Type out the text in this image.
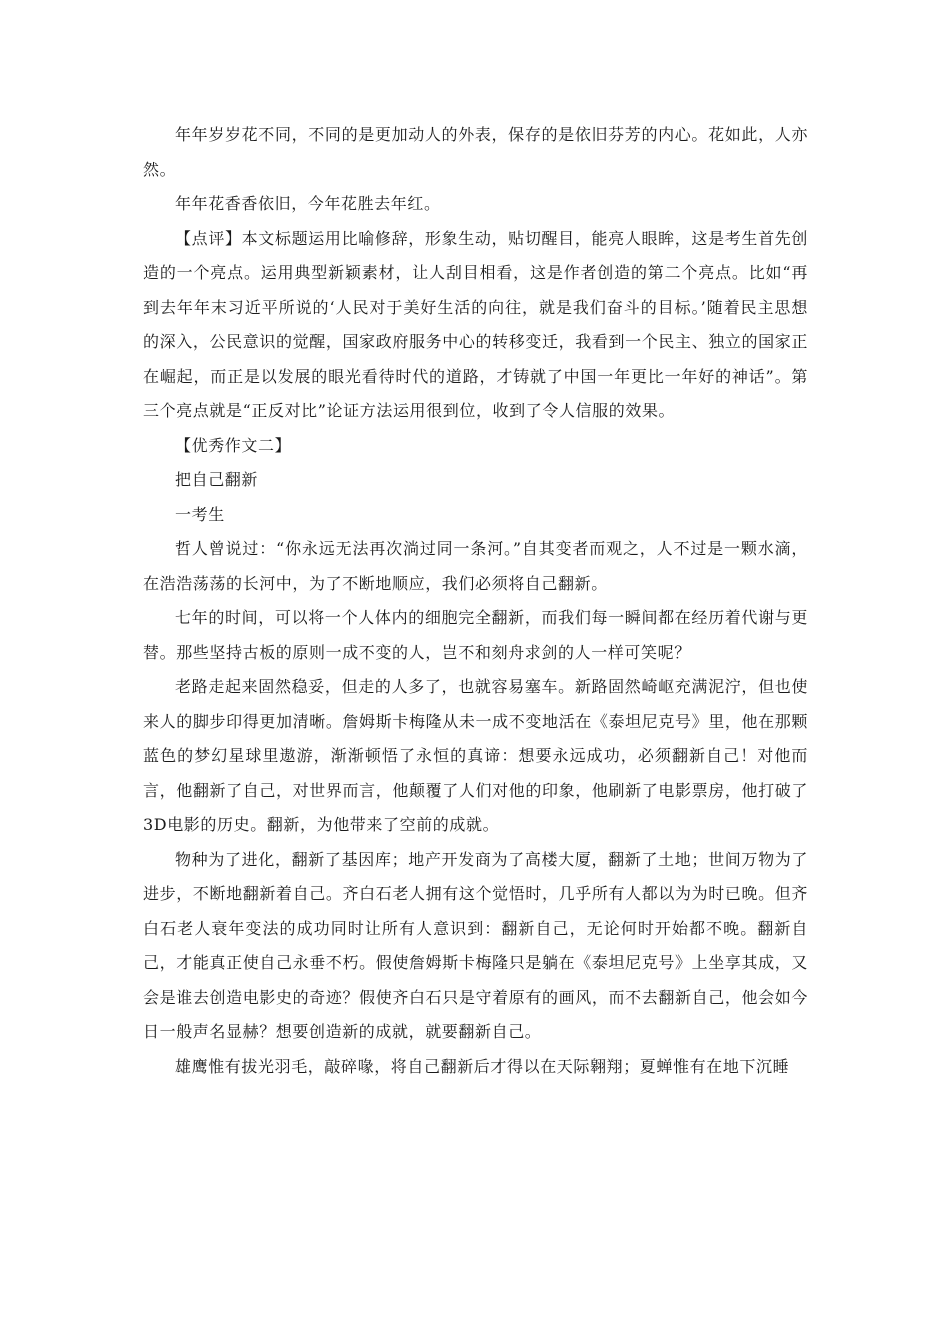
年年岁岁花不同，不同的是更加动人的外表，保存的是依旧芬芳的内心。花如此，人亦然。

年年花香香依旧，今年花胜去年红。

【点评】本文标题运用比喻修辞，形象生动，贴切醒目，能亮人眼眸，这是考生首先创造的一个亮点。运用典型新颖素材，让人刮目相看，这是作者创造的第二个亮点。比如“再到去年年末习近平所说的‘人民对于美好生活的向往，就是我们奋斗的目标。’随着民主思想的深入，公民意识的觉醒，国家政府服务中心的转移变迁，我看到一个民主、独立的国家正在崛起，而正是以发展的眼光看待时代的道路，才铸就了中国一年更比一年好的神话”。第三个亮点就是“正反对比”论证方法运用很到位，收到了令人信服的效果。

【优秀作文二】

把自己翻新

一考生

哲人曾说过：“你永远无法再次淌过同一条河。”自其变者而观之，人不过是一颗水滴，在浩浩荡荡的长河中，为了不断地顺应，我们必须将自己翻新。

七年的时间，可以将一个人体内的细胞完全翻新，而我们每一瞬间都在经历着代谢与更替。那些坚持古板的原则一成不变的人，岂不和刻舟求剑的人一样可笑呢？

老路走起来固然稳妥，但走的人多了，也就容易塞车。新路固然崎岖充满泥泞，但也使来人的脚步印得更加清晰。詹姆斯卡梅隆从未一成不变地活在《泰坦尼克号》里，他在那颗蓝色的梦幻星球里遨游，渐渐顿悟了永恒的真谛：想要永远成功，必须翻新自己！对他而言，他翻新了自己，对世界而言，他颠覆了人们对他的印象，他刷新了电影票房，他打破了3D电影的历史。翻新，为他带来了空前的成就。

物种为了进化，翻新了基因库；地产开发商为了高楼大厦，翻新了土地；世间万物为了进步，不断地翻新着自己。齐白石老人拥有这个觉悟时，几乎所有人都以为为时已晚。但齐白石老人衰年变法的成功同时让所有人意识到：翻新自己，无论何时开始都不晚。翻新自己，才能真正使自己永垂不朽。假使詹姆斯卡梅隆只是躺在《泰坦尼克号》上坐享其成，又会是谁去创造电影史的奇迹？假使齐白石只是守着原有的画风，而不去翻新自己，他会如今日一般声名显赫？想要创造新的成就，就要翻新自己。

雄鹰惟有拔光羽毛，敲碎喙，将自己翻新后才得以在天际翱翔；夏蝉惟有在地下沉睡
